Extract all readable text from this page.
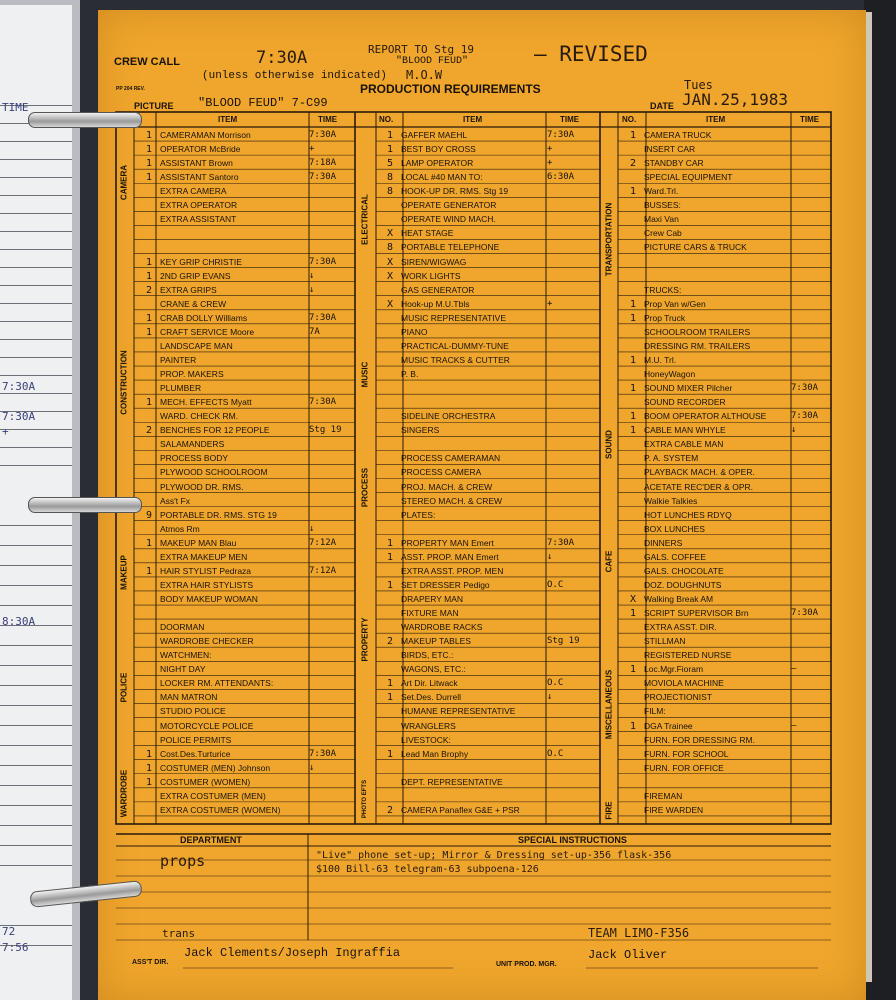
TIME
7:30A
7:30A
+
8:30A
72
7:56
CREW CALL	7:30A	REPORT TO Stg 19
"BLOOD FEUD"	– REVISED
(unless otherwise indicated) M.O.W
PP 204 REV.	PRODUCTION REQUIREMENTS
PICTURE "BLOOD FEUD" 7-C99	DATE
Tues
JAN.25,1983
ITEM	TIME	NO.	ITEM	TIME	NO.	ITEM	TIME
CAMERA
CONSTRUCTION
MAKEUP
POLICE
WARDROBE
ELECTRICAL
MUSIC
PROCESS
PROPERTY
PHOTO EFTS
TRANSPORTATION
SOUND
CAFE
MISCELLANEOUS
FIRE
1 CAMERAMAN Morrison	7:30A
1 OPERATOR McBride	+
1 ASSISTANT Brown	7:18A
1 ASSISTANT Santoro	7:30A
EXTRA CAMERA
EXTRA OPERATOR
EXTRA ASSISTANT
1 KEY GRIP CHRISTIE	7:30A
1 2ND GRIP EVANS	↓
2 EXTRA GRIPS	↓
CRANE & CREW
1 CRAB DOLLY Williams	7:30A
1 CRAFT SERVICE Moore	7A
LANDSCAPE MAN
PAINTER
PROP. MAKERS
PLUMBER
1 MECH. EFFECTS Myatt	7:30A
WARD. CHECK RM.
2 BENCHES FOR 12 PEOPLE	Stg 19
SALAMANDERS
PROCESS BODY
PLYWOOD SCHOOLROOM
PLYWOOD DR. RMS.
Ass't Fx
9 PORTABLE DR. RMS. STG 19
Atmos Rm	↓
1 MAKEUP MAN Blau	7:12A
EXTRA MAKEUP MEN
1 HAIR STYLIST Pedraza	7:12A
EXTRA HAIR STYLISTS
BODY MAKEUP WOMAN
DOORMAN
WARDROBE CHECKER
WATCHMEN:
NIGHT DAY
LOCKER RM. ATTENDANTS:
MAN MATRON
STUDIO POLICE
MOTORCYCLE POLICE
POLICE PERMITS
1 Cost.Des.Turturice	7:30A
1 COSTUMER (MEN) Johnson	↓
1 COSTUMER (WOMEN)
EXTRA COSTUMER (MEN)
EXTRA COSTUMER (WOMEN)
1 GAFFER MAEHL	7:30A
1 BEST BOY CROSS	+
5 LAMP OPERATOR	+
8 LOCAL #40 MAN TO:	6:30A
8 HOOK-UP DR. RMS. Stg 19
OPERATE GENERATOR
OPERATE WIND MACH.
X HEAT STAGE
8 PORTABLE TELEPHONE
X SIREN/WIGWAG
X WORK LIGHTS
GAS GENERATOR
X Hook-up M.U.Tbls	+
MUSIC REPRESENTATIVE
PIANO
PRACTICAL-DUMMY-TUNE
MUSIC TRACKS & CUTTER
P. B.
SIDELINE ORCHESTRA
SINGERS
PROCESS CAMERAMAN
PROCESS CAMERA
PROJ. MACH. & CREW
STEREO MACH. & CREW
PLATES:
1 PROPERTY MAN Emert	7:30A
1 ASST. PROP. MAN Emert	↓
EXTRA ASST. PROP. MEN
1 SET DRESSER Pedigo	O.C
DRAPERY MAN
FIXTURE MAN
WARDROBE RACKS
2 MAKEUP TABLES	Stg 19
BIRDS, ETC.:
WAGONS, ETC.:
1 Art Dir. Litwack	O.C
1 Set.Des. Durrell	↓
HUMANE REPRESENTATIVE
WRANGLERS
LIVESTOCK:
1 Lead Man Brophy	O.C
DEPT. REPRESENTATIVE
2 CAMERA Panaflex G&E + PSR
1 CAMERA TRUCK
INSERT CAR
2 STANDBY CAR
SPECIAL EQUIPMENT
1 Ward.Trl.
BUSSES:
Maxi Van
Crew Cab
PICTURE CARS & TRUCK
TRUCKS:
1 Prop Van w/Gen
1 Prop Truck
SCHOOLROOM TRAILERS
DRESSING RM. TRAILERS
1 M.U. Trl.
HoneyWagon
1 SOUND MIXER Pilcher	7:30A
SOUND RECORDER
1 BOOM OPERATOR ALTHOUSE	7:30A
1 CABLE MAN WHYLE	↓
EXTRA CABLE MAN
P. A. SYSTEM
PLAYBACK MACH. & OPER.
ACETATE REC'DER & OPR.
Walkie Talkies
HOT LUNCHES RDYQ
BOX LUNCHES
DINNERS
GALS. COFFEE
GALS. CHOCOLATE
DOZ. DOUGHNUTS
X Walking Break AM
1 SCRIPT SUPERVISOR Brn	7:30A
EXTRA ASST. DIR.
STILLMAN
REGISTERED NURSE
1 Loc.Mgr.Fioram	—
MOVIOLA MACHINE
PROJECTIONIST
FILM:
1 DGA Trainee	—
FURN. FOR DRESSING RM.
FURN. FOR SCHOOL
FURN. FOR OFFICE
FIREMAN
FIRE WARDEN
DEPARTMENT	SPECIAL INSTRUCTIONS
props	"Live" phone set-up; Mirror & Dressing set-up-356 flask-356
$100 Bill-63 telegram-63 subpoena-126
trans	TEAM LIMO-F356
ASS'T DIR.
Jack Clements/Joseph Ingraffia
UNIT PROD. MGR.
Jack Oliver
